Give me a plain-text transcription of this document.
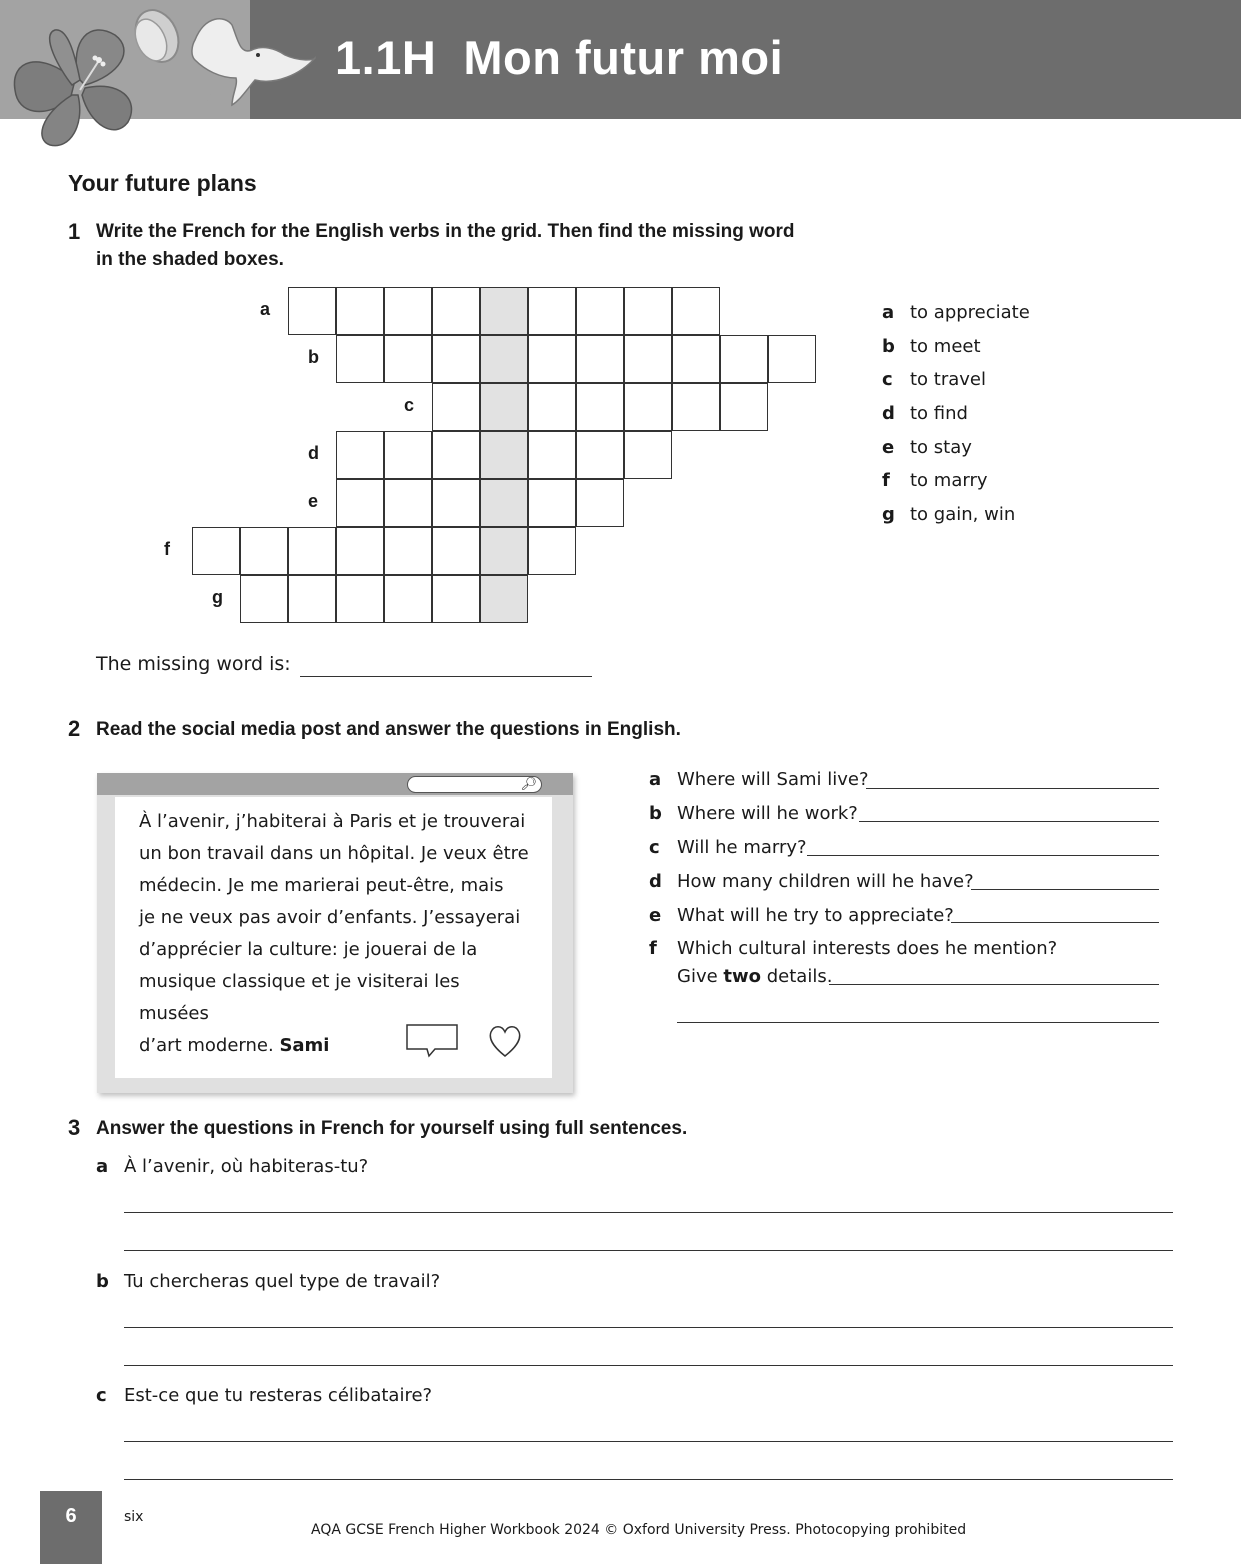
1.1H  Mon futur moi
Your future plans
1 Write the French for the English verbs in the grid. Then find the missing word
in the shaded boxes.
a to appreciate
b to meet
c to travel
d to find
e to stay
f	to marry
g to gain, win
The missing word is:
2 Read the social media post and answer the questions in English.
🔎︎
À l’avenir, j’habiterai à Paris et je trouverai
un bon travail dans un hôpital. Je veux être
médecin. Je me marierai peut-être, mais
je ne veux pas avoir d’enfants. J’essayerai
d’apprécier la culture: je jouerai de la
musique classique et je visiterai les musées
d’art moderne. Sami
a Where will Sami live?
b Where will he work?
c Will he marry?
d How many children will he have?
e What will he try to appreciate?
f	Which cultural interests does he mention?
Give two details.
3 Answer the questions in French for yourself using full sentences.
a À l’avenir, où habiteras-tu?
b Tu chercheras quel type de travail?
c Est-ce que tu resteras célibataire?
6	six
AQA GCSE French Higher Workbook 2024 © Oxford University Press. Photocopying prohibited
a
b
c
d
e
f
g
